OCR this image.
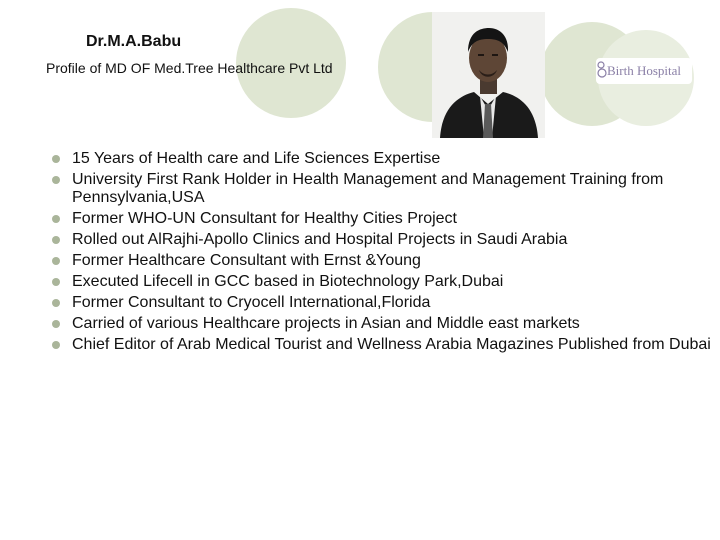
Dr.M.A.Babu
Profile of MD OF Med.Tree Healthcare Pvt Ltd	Birth Hospital
15 Years of Health care and Life Sciences Expertise
University First Rank Holder in Health Management and Management Training from Pennsylvania,USA
Former WHO-UN Consultant for Healthy Cities Project
Rolled out AlRajhi-Apollo Clinics and Hospital Projects in Saudi Arabia
Former Healthcare Consultant with Ernst &Young
Executed Lifecell in GCC based in Biotechnology Park,Dubai
Former Consultant to Cryocell International,Florida
Carried of various Healthcare projects in Asian and Middle east markets
Chief Editor of Arab Medical Tourist and Wellness Arabia Magazines Published from Dubai
